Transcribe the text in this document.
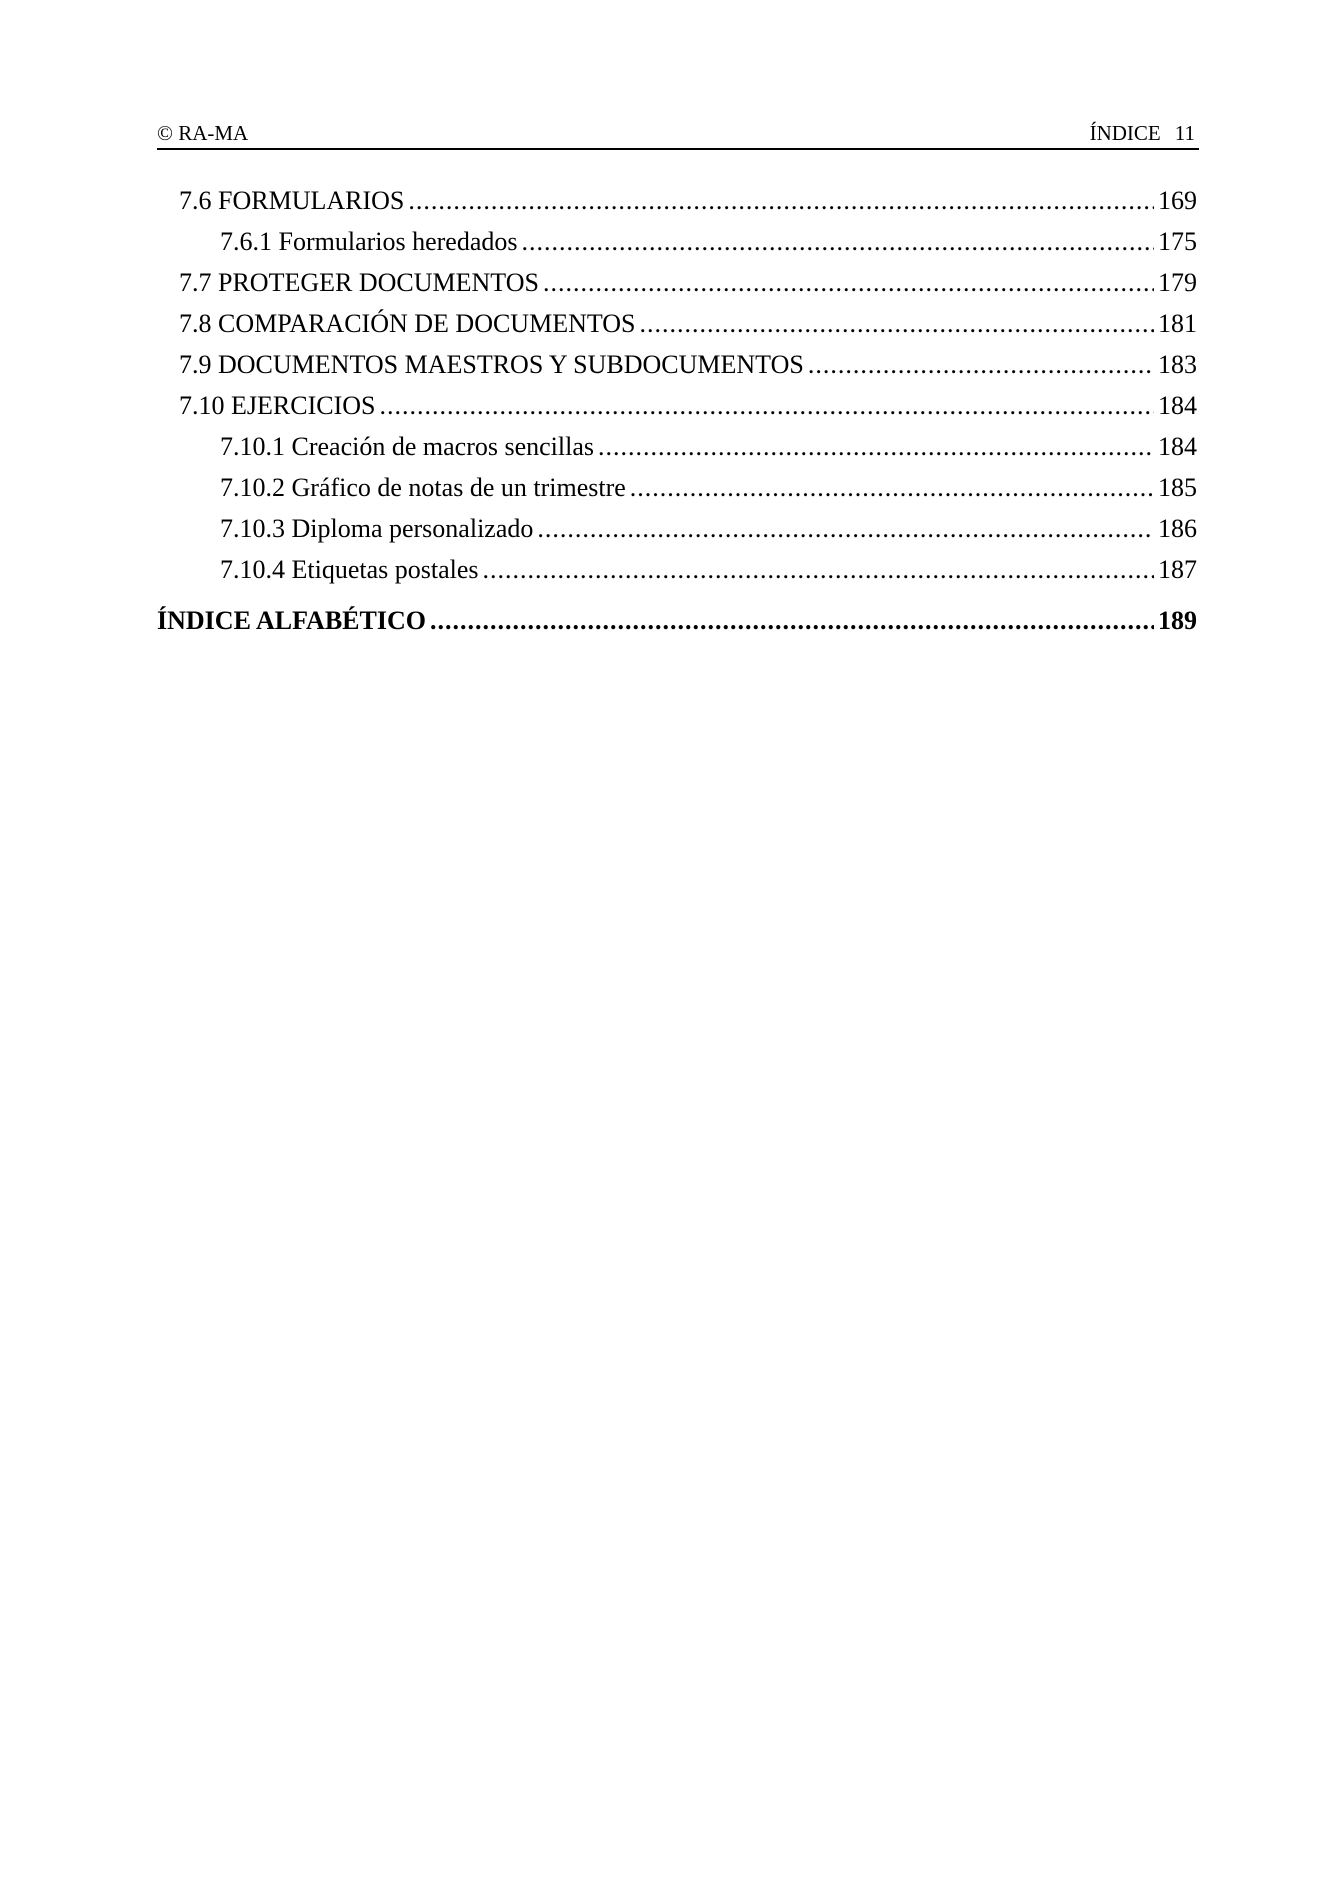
© RA-MA	ÍNDICE 11
7.6 FORMULARIOS .....	169
7.6.1 Formularios heredados .....	175
7.7 PROTEGER DOCUMENTOS .....	179
7.8 COMPARACIÓN DE DOCUMENTOS .....	181
7.9 DOCUMENTOS MAESTROS Y SUBDOCUMENTOS .....	183
7.10 EJERCICIOS .....	184
7.10.1 Creación de macros sencillas .....	184
7.10.2 Gráfico de notas de un trimestre .....	185
7.10.3 Diploma personalizado .....	186
7.10.4 Etiquetas postales .....	187
ÍNDICE ALFABÉTICO .....	189
